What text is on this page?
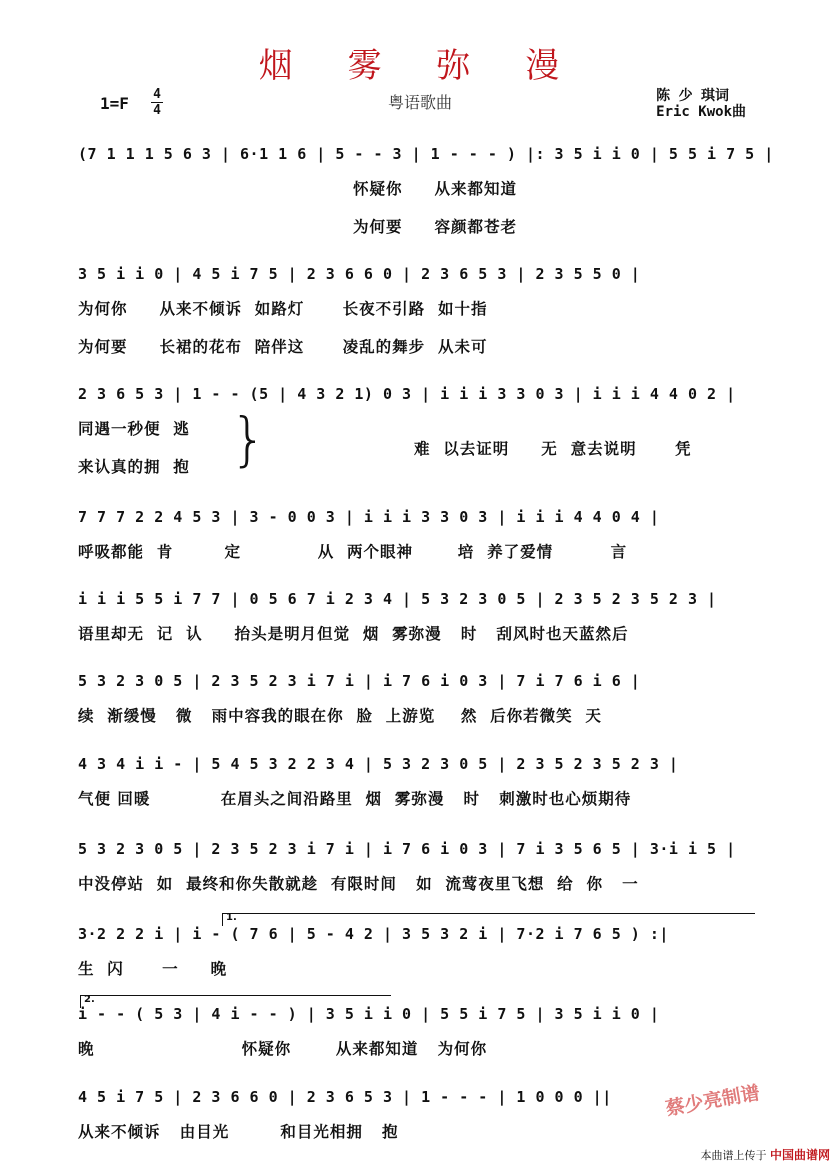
烟 雾 弥 漫
粤语歌曲
1=F 4
4
陈 少 琪词
Eric Kwok曲
(7 1 1 1 5 6 3 | 6·1 1 6 | 5 - - 3 | 1 - - - ) |: 3 5 i i 0 | 5 5 i 7 5 |
怀疑你     从来都知道
为何要     容颜都苍老
3 5 i i 0 | 4 5 i 7 5 | 2 3 6 6 0 | 2 3 6 5 3 | 2 3 5 5 0 |
为何你     从来不倾诉  如路灯      长夜不引路  如十指
为何要     长裙的花布  陪伴这      凌乱的舞步  从未可
2 3 6 5 3 | 1 - - (5 | 4 3 2 1) 0 3 | i i i 3 3 0 3 | i i i 4 4 0 2 |
同遇一秒便  逃
来认真的拥  抱 }	难  以去证明     无  意去说明      凭
7 7 7 2 2 4 5 3 | 3 - 0 0 3 | i i i 3 3 0 3 | i i i 4 4 0 4 |
呼吸都能  肯        定            从  两个眼神       培  养了爱情         言
i i i 5 5 i 7 7 | 0 5 6 7 i 2 3 4 | 5 3 2 3 0 5 | 2 3 5 2 3 5 2 3 |
语里却无  记  认     抬头是明月但觉  烟  雾弥漫   时   刮风时也天蓝然后
5 3 2 3 0 5 | 2 3 5 2 3 i 7 i | i 7 6 i 0 3 | 7 i 7 6 i 6 |
续  渐缓慢   微   雨中容我的眼在你  脸  上游览    然  后你若微笑  天
4 3 4 i i - | 5 4 5 3 2 2 3 4 | 5 3 2 3 0 5 | 2 3 5 2 3 5 2 3 |
气便 回暖           在眉头之间沿路里  烟  雾弥漫   时   刺激时也心烦期待
5 3 2 3 0 5 | 2 3 5 2 3 i 7 i | i 7 6 i 0 3 | 7 i 3 5 6 5 | 3·i i 5 |
中没停站  如  最终和你失散就趁  有限时间   如  流莺夜里飞想  给  你   一
3·2 2 2 i | i - ( 7 6 | 5 - 4 2 | 3 5 3 2 i | 7·2 i 7 6 5 ) :|
生  闪      一     晚
i - - ( 5 3 | 4 i - - ) | 3 5 i i 0 | 5 5 i 7 5 | 3 5 i i 0 |
晚                       怀疑你       从来都知道   为何你
4 5 i 7 5 | 2 3 6 6 0 | 2 3 6 5 3 | 1 - - - | 1 0 0 0 ||
从来不倾诉   由目光        和目光相拥   抱
蔡少亮制谱
本曲谱上传于 中国曲谱网
1.
2.
